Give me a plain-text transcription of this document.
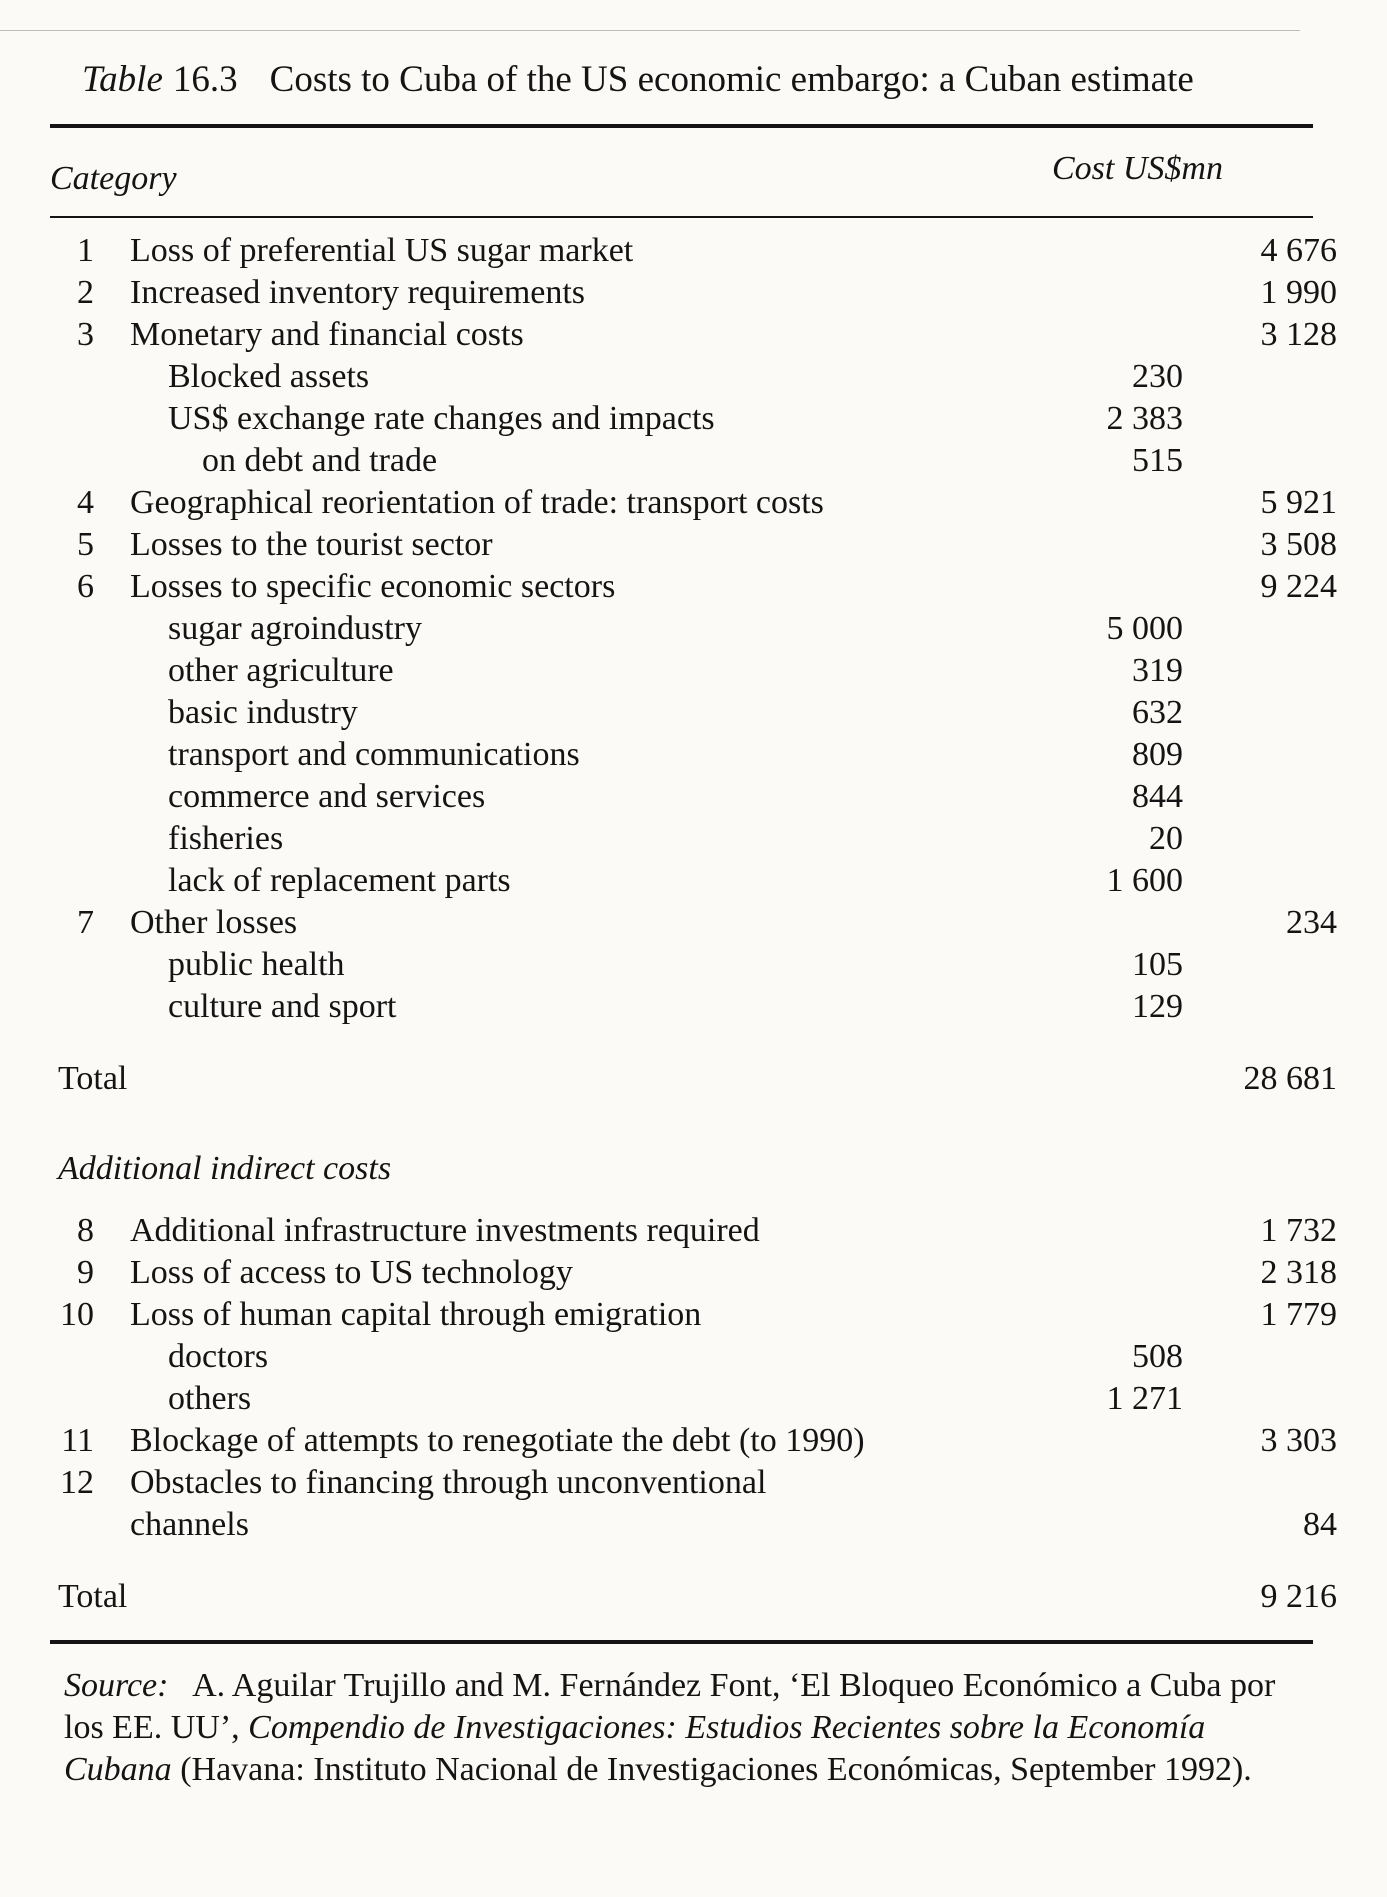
Table 16.3 Costs to Cuba of the US economic embargo: a Cuban estimate
Category	Cost US$mn
1 Loss of preferential US sugar market	4 676
2 Increased inventory requirements	1 990
3 Monetary and financial costs	3 128
Blocked assets	230
US$ exchange rate changes and impacts	2 383
on debt and trade	515
4 Geographical reorientation of trade: transport costs	5 921
5 Losses to the tourist sector	3 508
6 Losses to specific economic sectors	9 224
sugar agroindustry	5 000
other agriculture	319
basic industry	632
transport and communications	809
commerce and services	844
fisheries	20
lack of replacement parts	1 600
7 Other losses	234
public health	105
culture and sport	129
Total	28 681
Additional indirect costs
8 Additional infrastructure investments required	1 732
9 Loss of access to US technology	2 318
10 Loss of human capital through emigration	1 779
doctors	508
others	1 271
11 Blockage of attempts to renegotiate the debt (to 1990)	3 303
12 Obstacles to financing through unconventional
channels	84
Total	9 216
Source: A. Aguilar Trujillo and M. Fernández Font, ‘El Bloqueo Económico a Cuba por los EE. UU’, Compendio de Investigaciones: Estudios Recientes sobre la Economía Cubana (Havana: Instituto Nacional de Investigaciones Económicas, September 1992).
